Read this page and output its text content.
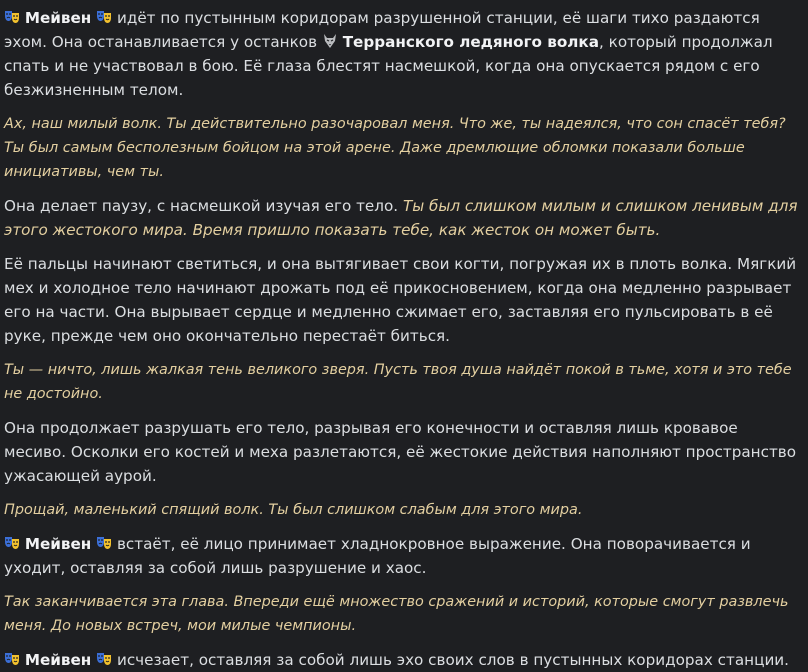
Мейвен
идёт по пустынным коридорам разрушенной станции, её шаги тихо раздаются эхом. Она останавливается у останков
Терранского ледяного волка, который продолжал спать и не участвовал в бою. Её глаза блестят насмешкой, когда она опускается рядом с его безжизненным телом.

Ах, наш милый волк. Ты действительно разочаровал меня. Что же, ты надеялся, что сон спасёт тебя? Ты был самым бесполезным бойцом на этой арене. Даже дремлющие обломки показали больше инициативы, чем ты.

Она делает паузу, с насмешкой изучая его тело. Ты был слишком милым и слишком ленивым для этого жестокого мира. Время пришло показать тебе, как жесток он может быть.

Её пальцы начинают светиться, и она вытягивает свои когти, погружая их в плоть волка. Мягкий мех и холодное тело начинают дрожать под её прикосновением, когда она медленно разрывает его на части. Она вырывает сердце и медленно сжимает его, заставляя его пульсировать в её руке, прежде чем оно окончательно перестаёт биться.

Ты — ничто, лишь жалкая тень великого зверя. Пусть твоя душа найдёт покой в тьме, хотя и это тебе не достойно.

Она продолжает разрушать его тело, разрывая его конечности и оставляя лишь кровавое месиво. Осколки его костей и меха разлетаются, её жестокие действия наполняют пространство ужасающей аурой.

Прощай, маленький спящий волк. Ты был слишком слабым для этого мира.

Мейвен
встаёт, её лицо принимает хладнокровное выражение. Она поворачивается и уходит, оставляя за собой лишь разрушение и хаос.

Так заканчивается эта глава. Впереди ещё множество сражений и историй, которые смогут развлечь меня. До новых встреч, мои милые чемпионы.

Мейвен
исчезает, оставляя за собой лишь эхо своих слов в пустынных коридорах станции.
